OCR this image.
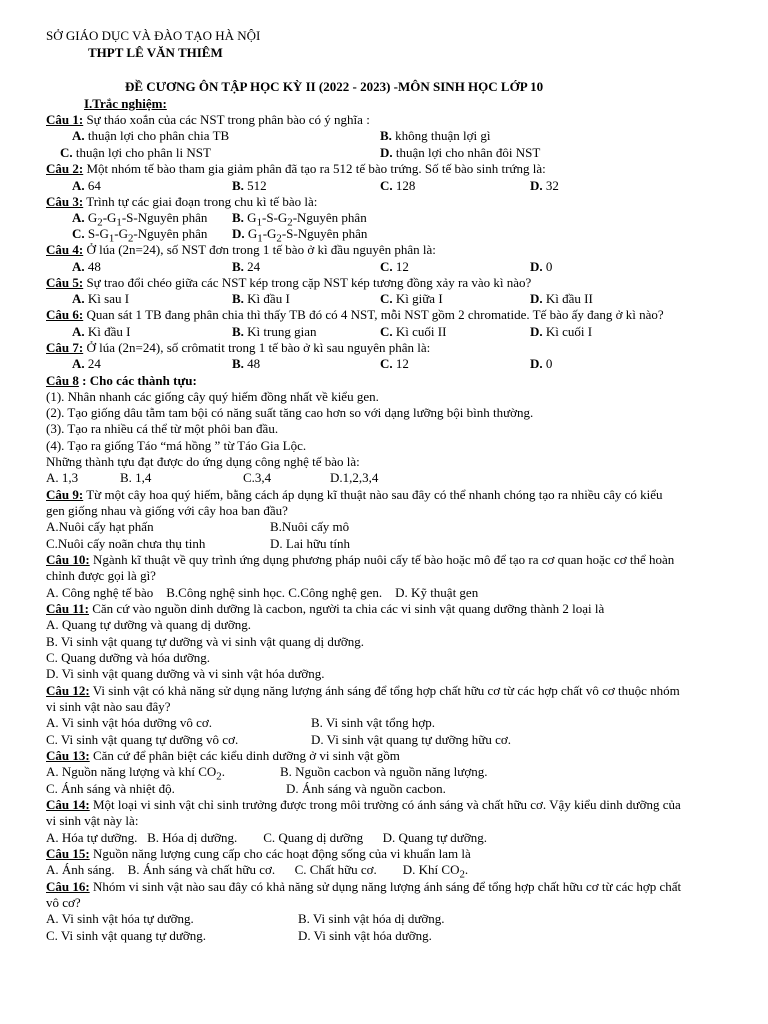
SỞ GIÁO DỤC VÀ ĐÀO TẠO HÀ NỘI
THPT LÊ VĂN THIÊM
ĐỀ CƯƠNG ÔN TẬP HỌC KỲ II (2022 - 2023) -MÔN SINH HỌC LỚP 10
I.Trắc nghiệm:
Câu 1: Sự tháo xoắn của các NST trong phân bào có ý nghĩa :
A. thuận lợi cho phân chia TB	B. không thuận lợi gì
C. thuận lợi cho phân li NST	D. thuận lợi cho nhân đôi NST
Câu 2: Một nhóm tế bào tham gia giảm phân đã tạo ra 512 tế bào trứng. Số tế bào sinh trứng là:
A. 64	B. 512	C. 128	D. 32
Câu 3: Trình tự các giai đoạn trong chu kì tế bào là:
A. $G_2-G_1-S$-Nguyên phân B. $G_1-S-G_2$-Nguyên phân
C. $S-G_1-G_2$-Nguyên phân D. $G_1-G_2-S$-Nguyên phân
Câu 4: Ở lúa (2n=24), số NST đơn trong 1 tế bào ở kì đầu nguyên phân là:
A. 48	B. 24	C. 12	D. 0
Câu 5: Sự trao đổi chéo giữa các NST kép trong cặp NST kép tương đồng xảy ra vào kì nào?
A. Kì sau I	B. Kì đầu I	C. Kì giữa I	D. Kì đầu II
Câu 6: Quan sát 1 TB đang phân chia thì thấy TB đó có 4 NST, mỗi NST gồm 2 chromatide. Tế bào ấy đang ở kì nào?
A. Kì đầu I	B. Kì trung gian	C. Kì cuối II	D. Kì cuối I
Câu 7: Ở lúa (2n=24), số crômatit trong 1 tế bào ở kì sau nguyên phân là:
A. 24	B. 48	C. 12	D. 0
Câu 8 : Cho các thành tựu:
(1). Nhân nhanh các giống cây quý hiếm đồng nhất về kiểu gen.
(2). Tạo giống dâu tằm tam bội có năng suất tăng cao hơn so với dạng lưỡng bội bình thường.
(3). Tạo ra nhiều cá thể từ một phôi ban đầu.
(4). Tạo ra giống Táo “má hồng ” từ Táo Gia Lộc.
Những thành tựu đạt được do ứng dụng công nghệ tế bào là:
A. 1,3	B. 1,4	C.3,4	D.1,2,3,4
Câu 9: Từ một cây hoa quý hiếm, bằng cách áp dụng kĩ thuật nào sau đây có thể nhanh chóng tạo ra nhiều cây có kiểu
gen giống nhau và giống với cây hoa ban đầu?
A.Nuôi cấy hạt phấn	B.Nuôi cấy mô
C.Nuôi cấy noãn chưa thụ tinh	D. Lai hữu tính
Câu 10: Ngành kĩ thuật về quy trình ứng dụng phương pháp nuôi cấy tế bào hoặc mô để tạo ra cơ quan hoặc cơ thể hoàn
chỉnh được gọi là gì?
A. Công nghệ tế bào    B.Công nghệ sinh học. C.Công nghệ gen.    D. Kỹ thuật gen
Câu 11: Căn cứ vào nguồn dinh dưỡng là cacbon, người ta chia các vi sinh vật quang dưỡng thành 2 loại là
A. Quang tự dưỡng và quang dị dưỡng.
B. Vi sinh vật quang tự dưỡng và vi sinh vật quang dị dưỡng.
C. Quang dưỡng và hóa dưỡng.
D. Vi sinh vật quang dưỡng và vi sinh vật hóa dưỡng.
Câu 12: Vi sinh vật có khả năng sử dụng năng lượng ánh sáng để tổng hợp chất hữu cơ từ các hợp chất vô cơ thuộc nhóm
vi sinh vật nào sau đây?
A. Vi sinh vật hóa dưỡng vô cơ.	B. Vi sinh vật tổng hợp.
C. Vi sinh vật quang tự dưỡng vô cơ.	D. Vi sinh vật quang tự dưỡng hữu cơ.
Câu 13: Căn cứ để phân biệt các kiểu dinh dưỡng ở vi sinh vật gồm
A. Nguồn năng lượng và khí $CO_2$.	B. Nguồn cacbon và nguồn năng lượng.
C. Ánh sáng và nhiệt độ.	D. Ánh sáng và nguồn cacbon.
Câu 14: Một loại vi sinh vật chỉ sinh trưởng được trong môi trường có ánh sáng và chất hữu cơ. Vậy kiểu dinh dưỡng của
vi sinh vật này là:
A. Hóa tự dưỡng.   B. Hóa dị dưỡng.        C. Quang dị dưỡng      D. Quang tự dưỡng.
Câu 15: Nguồn năng lượng cung cấp cho các hoạt động sống của vi khuẩn lam là
A. Ánh sáng.    B. Ánh sáng và chất hữu cơ.      C. Chất hữu cơ.        D. Khí $CO_2$.
Câu 16: Nhóm vi sinh vật nào sau đây có khả năng sử dụng năng lượng ánh sáng để tổng hợp chất hữu cơ từ các hợp chất
vô cơ?
A. Vi sinh vật hóa tự dưỡng.	B. Vi sinh vật hóa dị dưỡng.
C. Vi sinh vật quang tự dưỡng.	D. Vi sinh vật hóa dưỡng.
